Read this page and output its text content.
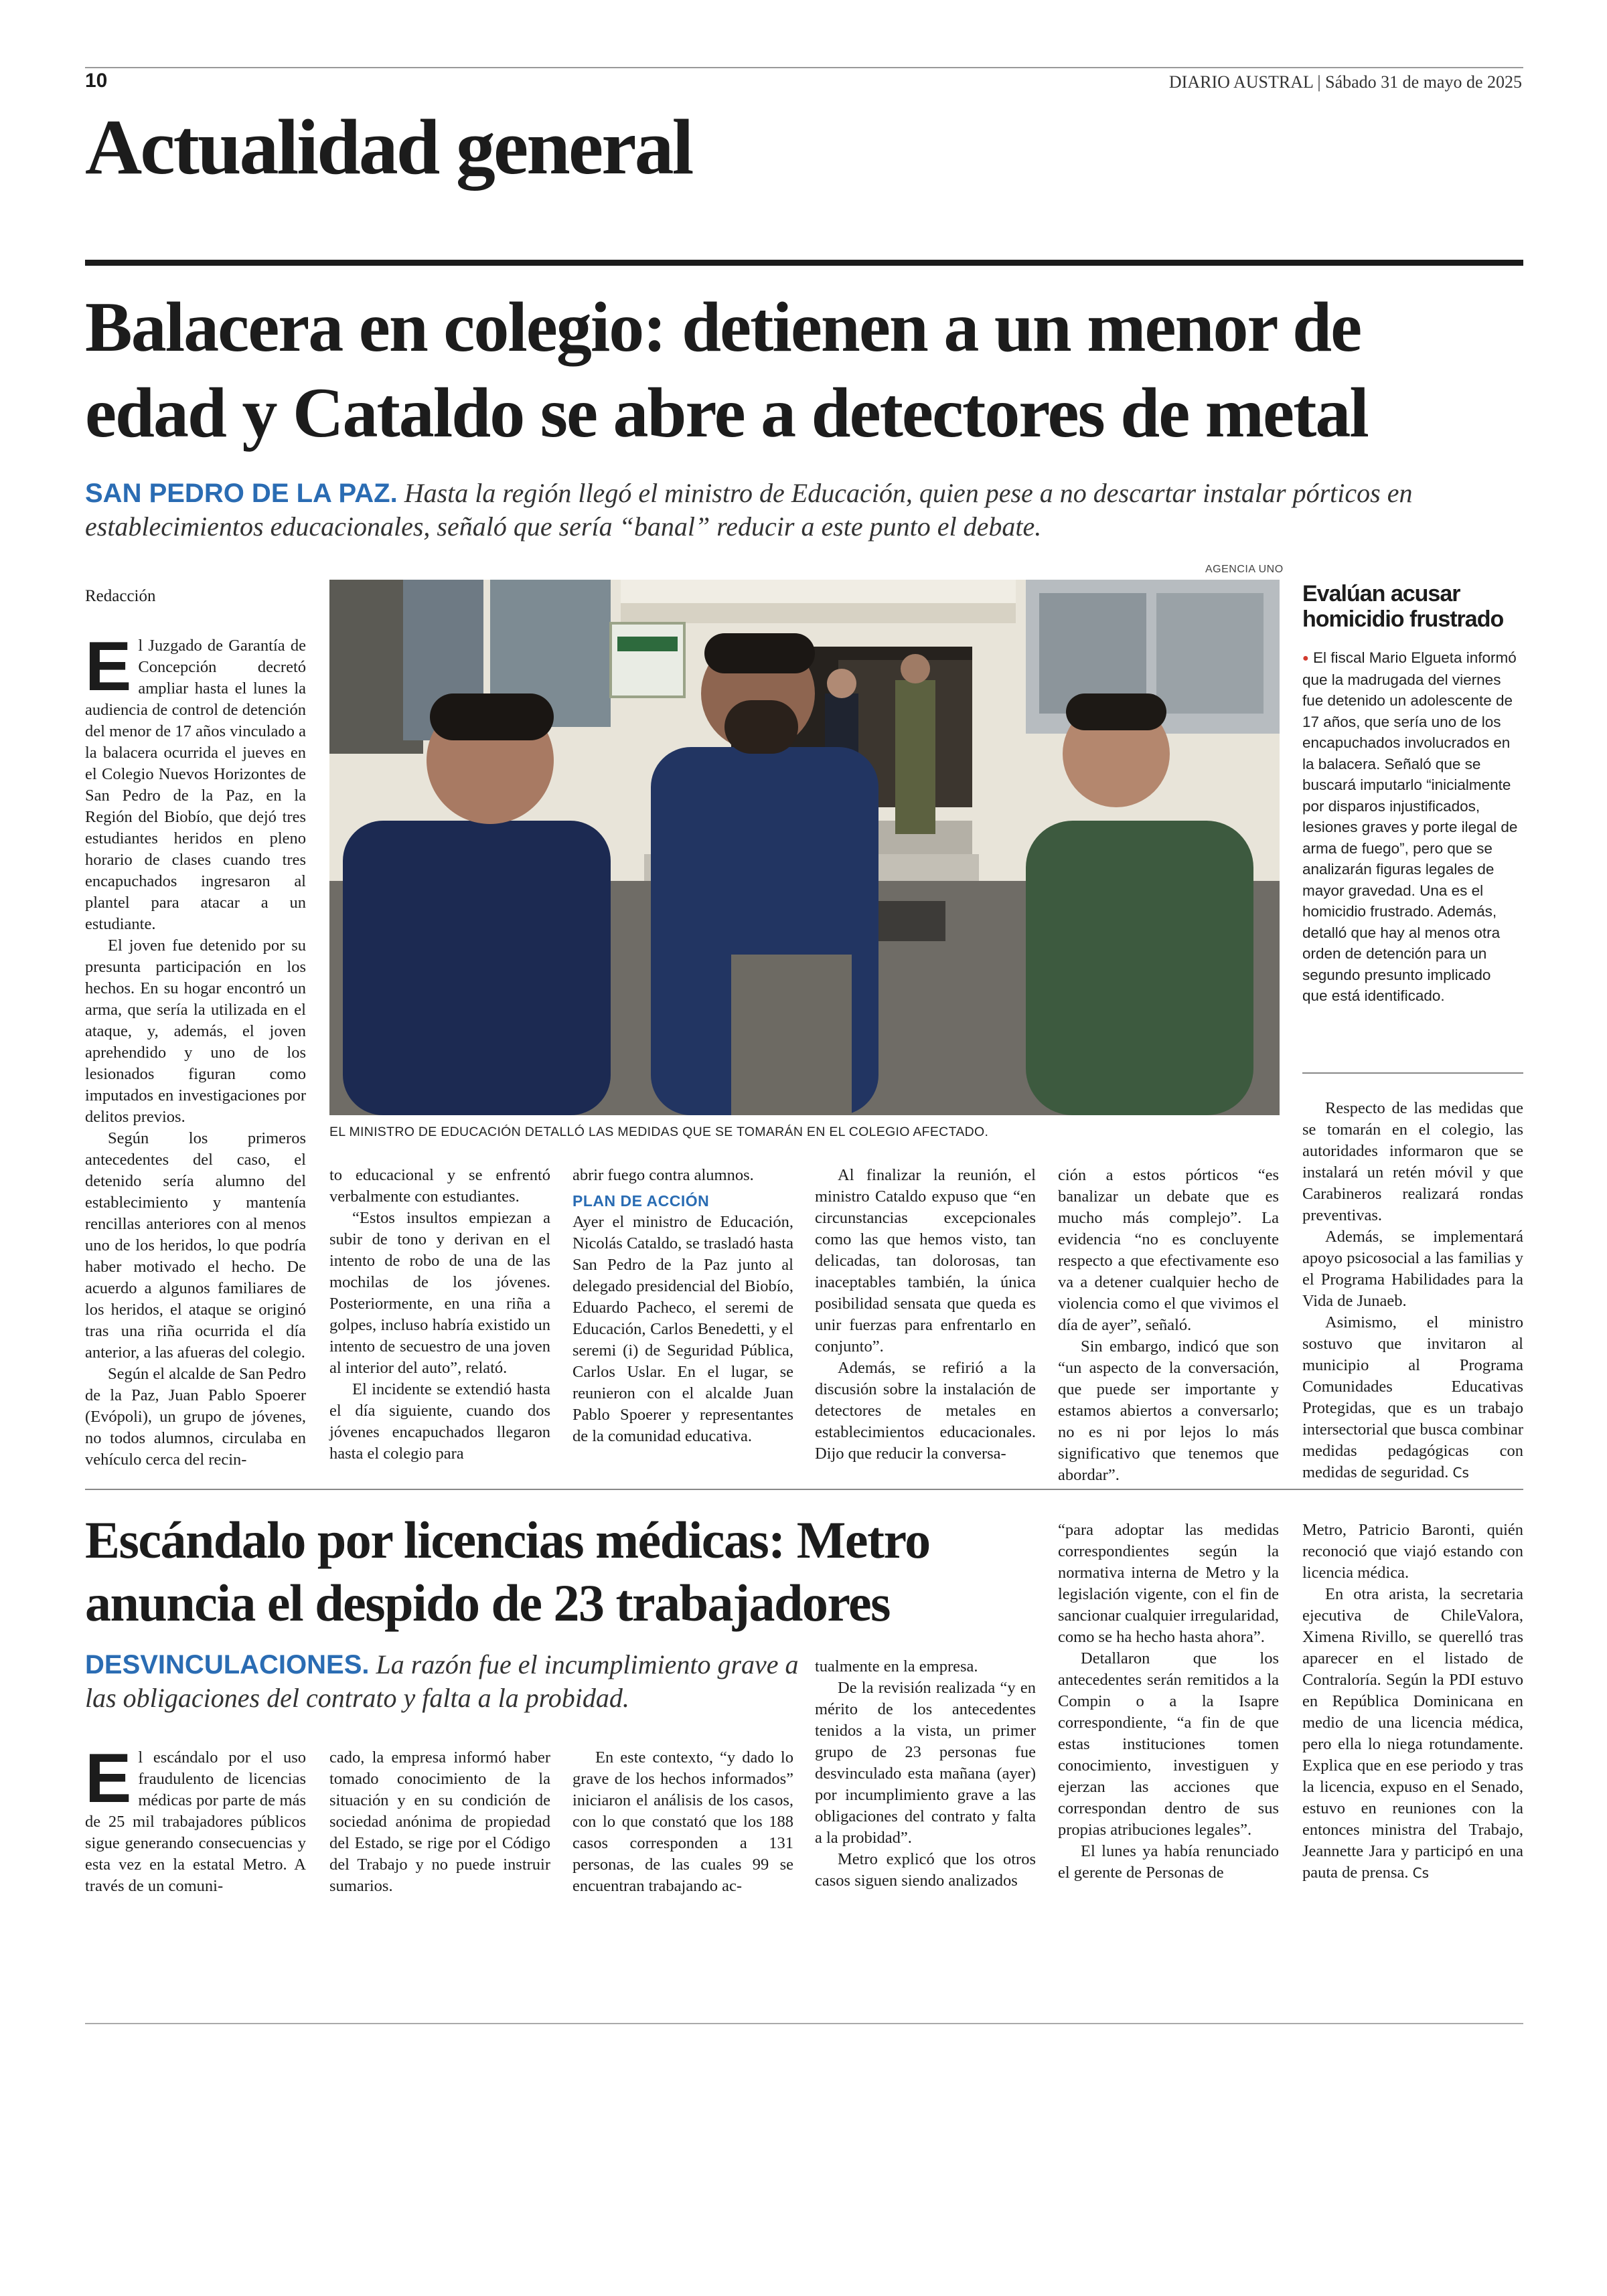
10	DIARIO AUSTRAL | Sábado 31 de mayo de 2025
Actualidad general
Balacera en colegio: detienen a un menor de
edad y Cataldo se abre a detectores de metal
SAN PEDRO DE LA PAZ. Hasta la región llegó el ministro de Educación, quien pese a no descartar instalar pórticos en
establecimientos educacionales, señaló que sería “banal” reducir a este punto el debate.
AGENCIA UNO
EL MINISTRO DE EDUCACIÓN DETALLÓ LAS MEDIDAS QUE SE TOMARÁN EN EL COLEGIO AFECTADO.
Redacción

El Juzgado de Garantía de Concepción decretó ampliar hasta el lunes la audiencia de control de detención del menor de 17 años vinculado a la balacera ocurrida el jueves en el Colegio Nuevos Horizontes de San Pedro de la Paz, en la Región del Biobío, que dejó tres estudiantes heridos en pleno horario de clases cuando tres encapuchados ingresaron al plantel para atacar a un estudiante.

El joven fue detenido por su presunta participación en los hechos. En su hogar encontró un arma, que sería la utilizada en el ataque, y, además, el joven aprehendido y uno de los lesionados figuran como imputados en investigaciones por delitos previos.

Según los primeros antecedentes del caso, el detenido sería alumno del establecimiento y mantenía rencillas anteriores con al menos uno de los heridos, lo que podría haber motivado el hecho. De acuerdo a algunos familiares de los heridos, el ataque se originó tras una riña ocurrida el día anterior, a las afueras del colegio.

Según el alcalde de San Pedro de la Paz, Juan Pablo Spoerer (Evópoli), un grupo de jóvenes, no todos alumnos, circulaba en vehículo cerca del recin-

to educacional y se enfrentó verbalmente con estudiantes.

“Estos insultos empiezan a subir de tono y derivan en el intento de robo de una de las mochilas de los jóvenes. Posteriormente, en una riña a golpes, incluso habría existido un intento de secuestro de una joven al interior del auto”, relató.

El incidente se extendió hasta el día siguiente, cuando dos jóvenes encapuchados llegaron hasta el colegio para

abrir fuego contra alumnos.

PLAN DE ACCIÓN

Ayer el ministro de Educación, Nicolás Cataldo, se trasladó hasta San Pedro de la Paz junto al delegado presidencial del Biobío, Eduardo Pacheco, el seremi de Educación, Carlos Benedetti, y el seremi (i) de Seguridad Pública, Carlos Uslar. En el lugar, se reunieron con el alcalde Juan Pablo Spoerer y representantes de la comunidad educativa.

Al finalizar la reunión, el ministro Cataldo expuso que “en circunstancias excepcionales como las que hemos visto, tan delicadas, tan dolorosas, tan inaceptables también, la única posibilidad sensata que queda es unir fuerzas para enfrentarlo en conjunto”.

Además, se refirió a la discusión sobre la instalación de detectores de metales en establecimientos educacionales. Dijo que reducir la conversa-

ción a estos pórticos “es banalizar un debate que es mucho más complejo”. La evidencia “no es concluyente respecto a que efectivamente eso va a detener cualquier hecho de violencia como el que vivimos el día de ayer”, señaló.

Sin embargo, indicó que son “un aspecto de la conversación, que puede ser importante y estamos abiertos a conversarlo; no es ni por lejos lo más significativo que tenemos que abordar”.

Evalúan acusar
homicidio frustrado
● El fiscal Mario Elgueta informó que la madrugada del viernes fue detenido un adolescente de 17 años, que sería uno de los encapuchados involucrados en la balacera. Señaló que se buscará imputarlo “inicialmente por disparos injustificados, lesiones graves y porte ilegal de arma de fuego”, pero que se analizarán figuras legales de mayor gravedad. Una es el homicidio frustrado. Además, detalló que hay al menos otra orden de detención para un segundo presunto implicado que está identificado.

Respecto de las medidas que se tomarán en el colegio, las autoridades informaron que se instalará un retén móvil y que Carabineros realizará rondas preventivas.

Además, se implementará apoyo psicosocial a las familias y el Programa Habilidades para la Vida de Junaeb.

Asimismo, el ministro sostuvo que invitaron al municipio al Programa Comunidades Educativas Protegidas, que es un trabajo intersectorial que busca combinar medidas pedagógicas con medidas de seguridad. Cs

Escándalo por licencias médicas: Metro
anuncia el despido de 23 trabajadores
DESVINCULACIONES. La razón fue el incumplimiento grave a las obligaciones del contrato y falta a la probidad.

El escándalo por el uso fraudulento de licencias médicas por parte de más de 25 mil trabajadores públicos sigue generando consecuencias y esta vez en la estatal Metro. A través de un comuni-

cado, la empresa informó haber tomado conocimiento de la situación y en su condición de sociedad anónima de propiedad del Estado, se rige por el Código del Trabajo y no puede instruir sumarios.

En este contexto, “y dado lo grave de los hechos informados” iniciaron el análisis de los casos, con lo que constató que los 188 casos corresponden a 131 personas, de las cuales 99 se encuentran trabajando ac-

tualmente en la empresa.

De la revisión realizada “y en mérito de los antecedentes tenidos a la vista, un primer grupo de 23 personas fue desvinculado esta mañana (ayer) por incumplimiento grave a las obligaciones del contrato y falta a la probidad”.

Metro explicó que los otros casos siguen siendo analizados

“para adoptar las medidas correspondientes según la normativa interna de Metro y la legislación vigente, con el fin de sancionar cualquier irregularidad, como se ha hecho hasta ahora”.

Detallaron que los antecedentes serán remitidos a la Compin o a la Isapre correspondiente, “a fin de que estas instituciones tomen conocimiento, investiguen y ejerzan las acciones que correspondan dentro de sus propias atribuciones legales”.

El lunes ya había renunciado el gerente de Personas de

Metro, Patricio Baronti, quién reconoció que viajó estando con licencia médica.

En otra arista, la secretaria ejecutiva de ChileValora, Ximena Rivillo, se querelló tras aparecer en el listado de Contraloría. Según la PDI estuvo en República Dominicana en medio de una licencia médica, pero ella lo niega rotundamente. Explica que en ese periodo y tras la licencia, expuso en el Senado, estuvo en reuniones con la entonces ministra del Trabajo, Jeannette Jara y participó en una pauta de prensa. Cs
